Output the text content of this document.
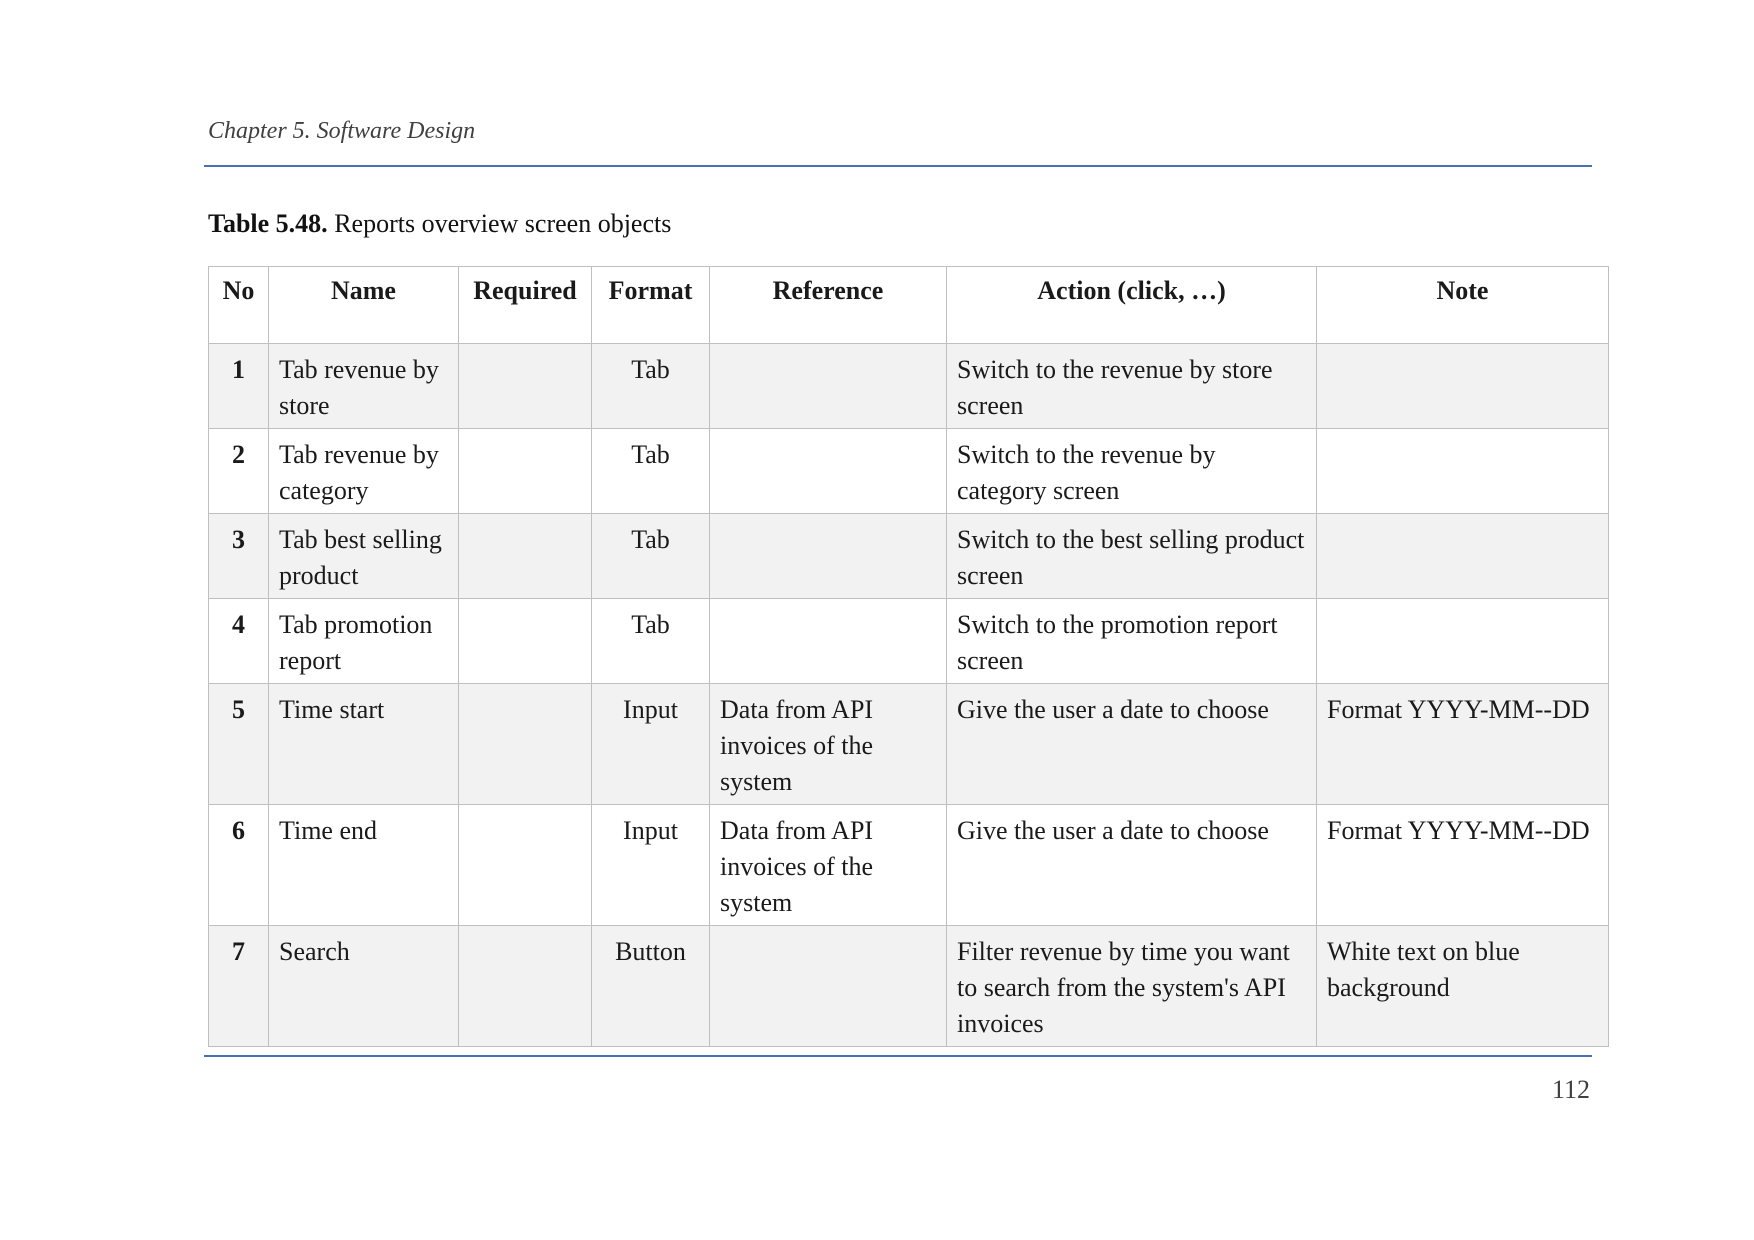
Chapter 5. Software Design
Table 5.48. Reports overview screen objects
No	Name	Required	Format	Reference	Action (click, …)	Note
1	Tab revenue by store		Tab		Switch to the revenue by store screen	
2	Tab revenue by category		Tab		Switch to the revenue by category screen	
3	Tab best selling product		Tab		Switch to the best selling product screen	
4	Tab promotion report		Tab		Switch to the promotion report screen	
5	Time start		Input	Data from API invoices of the system	Give the user a date to choose	Format YYYY-MM--DD
6	Time end		Input	Data from API invoices of the system	Give the user a date to choose	Format YYYY-MM--DD
7	Search		Button		Filter revenue by time you want to search from the system's API invoices	White text on blue background
112
